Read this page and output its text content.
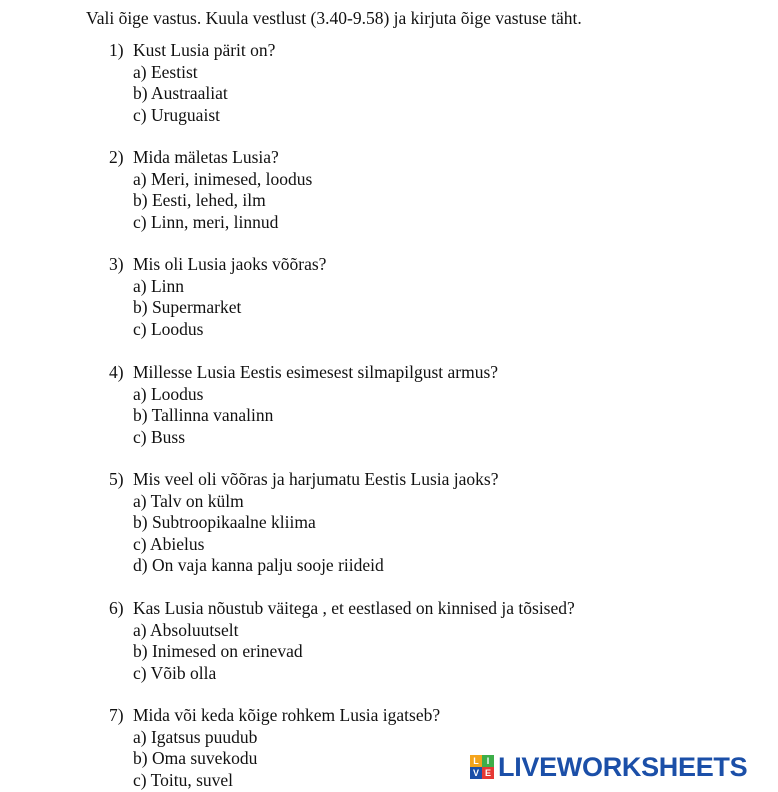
Vali õige vastus. Kuula vestlust (3.40-9.58) ja kirjuta õige vastuse täht.
1) Kust Lusia pärit on?
a) Eestist
b) Austraaliat
c) Uruguaist
2) Mida mäletas Lusia?
a) Meri, inimesed, loodus
b) Eesti, lehed, ilm
c) Linn, meri, linnud
3) Mis oli Lusia jaoks võõras?
a) Linn
b) Supermarket
c) Loodus
4) Millesse Lusia Eestis esimesest silmapilgust armus?
a) Loodus
b) Tallinna vanalinn
c) Buss
5) Mis veel oli võõras ja harjumatu Eestis Lusia jaoks?
a) Talv on külm
b) Subtroopikaalne kliima
c) Abielus
d) On vaja kanna palju sooje riideid
6) Kas Lusia nõustub väitega , et eestlased on kinnised ja tõsised?
a) Absoluutselt
b) Inimesed on erinevad
c) Võib olla
7) Mida või keda kõige rohkem Lusia igatseb?
a) Igatsus puudub
b) Oma suvekodu
c) Toitu, suvel
L I
V E LIVEWORKSHEETS
